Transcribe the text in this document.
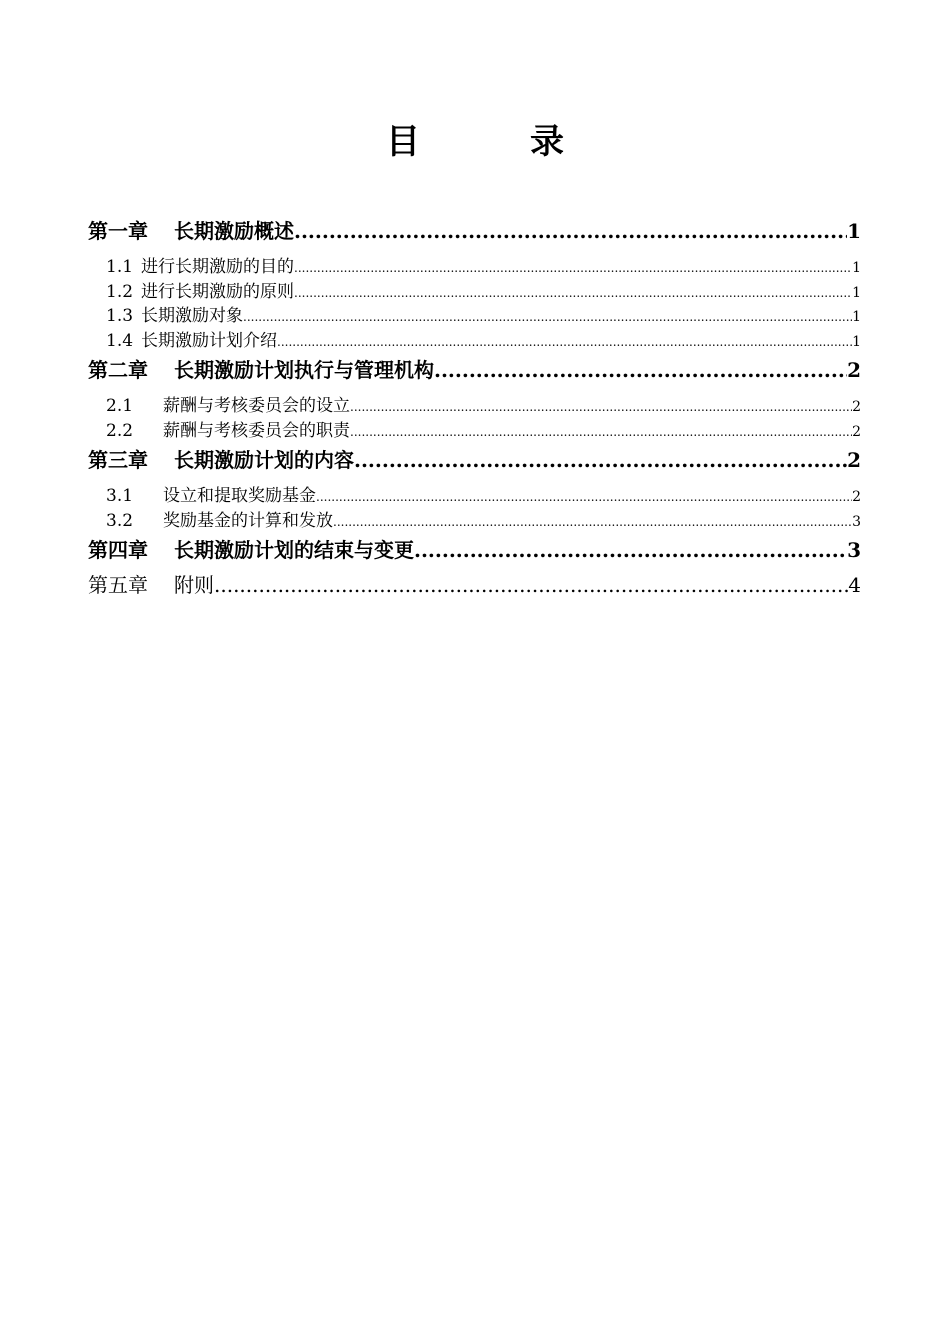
目　录
第一章 长期激励概述 .....	1
1.1 进行长期激励的目的 .....	1
1.2 进行长期激励的原则 .....	1
1.3 长期激励对象 .....	1
1.4 长期激励计划介绍 .....	1
第二章 长期激励计划执行与管理机构 .....	2
2.1 薪酬与考核委员会的设立 .....	2
2.2 薪酬与考核委员会的职责 .....	2
第三章 长期激励计划的内容 .....	2
3.1 设立和提取奖励基金 .....	2
3.2 奖励基金的计算和发放 .....	3
第四章 长期激励计划的结束与变更 .....	3
第五章 附则 .....	4
